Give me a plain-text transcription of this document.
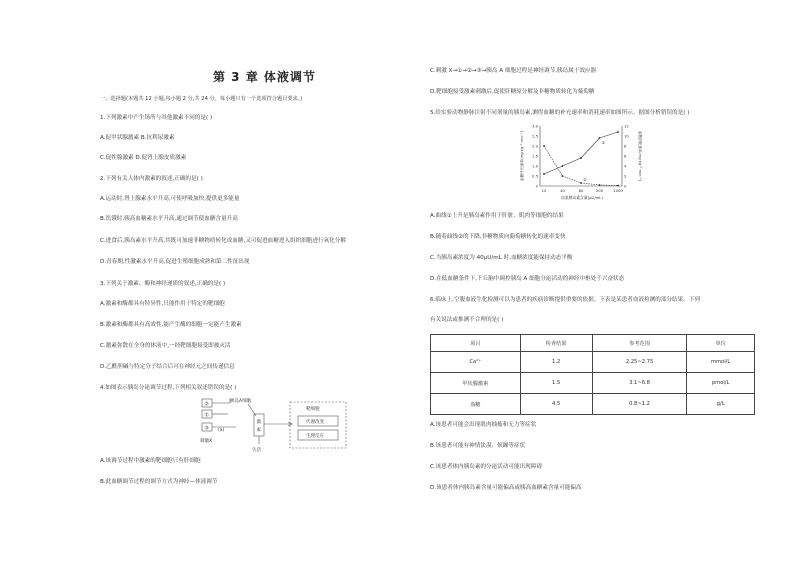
第 3 章 体液调节
一、选择题(本题共 12 小题,每小题 2 分,共 24 分。每小题只有一个选项符合题目要求。)
1.下列激素中产生场所与其他激素不同的是( )
A.促甲状腺激素 B.抗利尿激素
C.促性腺激素 D.促肾上腺皮质激素
2.下列有关人体内激素的叙述,正确的是( )
A.运动时,肾上腺素水平升高,可使呼吸加快,提供更多能量
B.饥饿时,胰高血糖素水平升高,通过调节使血糖含量升高
C.进食后,胰岛素水平升高,其既可加速非糖物质转化成血糖,又可促进血糖进入组织细胞进行氧化分解
D.青春期,性激素水平升高,促进生殖细胞成熟和第二性征出现
3.下列关于激素、酶和神经递质的叙述,正确的是( )
A.激素和酶都具有特异性,只能作用于特定的靶细胞
B.激素和酶都具有高效性,能产生酶的细胞一定能产生激素
C.激素弥散在全身的体液中,一经靶细胞接受即被灭活
D.乙酰胆碱与特定分子结合后可在神经元之间传递信息
4.如图表示胰岛分泌调节过程,下列相关叙述错误的是( )
②
①
③
刺激X
(a)
胰岛A细胞
激
素
失活
靶细胞
代谢改变
生理反应
A.该调节过程中激素的靶细胞只有肝细胞
B.此血糖调节过程的调节方式为神经—体液调节
C.刺激 X→①→②→③→胰岛 A 细胞过程是神经调节,胰岛属于效应器
D.靶细胞接受激素刺激后,促使肝糖原分解及非糖物质转化为葡萄糖
5.给实验动物静脉注射不同剂量的胰岛素,测得血糖的补充速率和消耗速率如图所示。据图分析错误的是( )
10	40	80	200	1000
0
0.5
1.0
1.5
2.0
2.5
3.0
0
2
4
6
8
10
12
血浆胰岛素含量(μU/mL)
血糖补充速率(mg·kg⁻¹·min⁻¹)	血糖消耗速率(mg·kg⁻¹·min⁻¹)
①
②
A.曲线①上升是胰岛素作用于肝脏、肌肉等细胞的结果
B.随着曲线②的下降,非糖物质向葡萄糖转化的速率变快
C.当胰岛素浓度为 40μU/mL 时,血糖浓度能保持动态平衡
D.在低血糖条件下,下丘脑中调控胰岛 A 细胞分泌活动的神经中枢处于兴奋状态
6.临床上,空腹血液生化检测可以为患者的疾病诊断提供重要的依据。下表是某患者血液检测的部分结果。下列
有关说法或推测不合理的是( )
项目	检查结果	参考范围	单位
Ca²⁺	1.2	2.25~2.75	mmol/L
甲状腺激素	1.5	3.1~6.8	pmol/L
血糖	4.5	0.8~1.2	g/L
A.该患者可能会出现肌肉抽搐和无力等症状
B.该患者可能有神情淡漠、烦躁等症状
C.该患者体内胰岛素的分泌活动可能出现障碍
D.该患者体内胰岛素含量可能偏高或胰高血糖素含量可能偏高
